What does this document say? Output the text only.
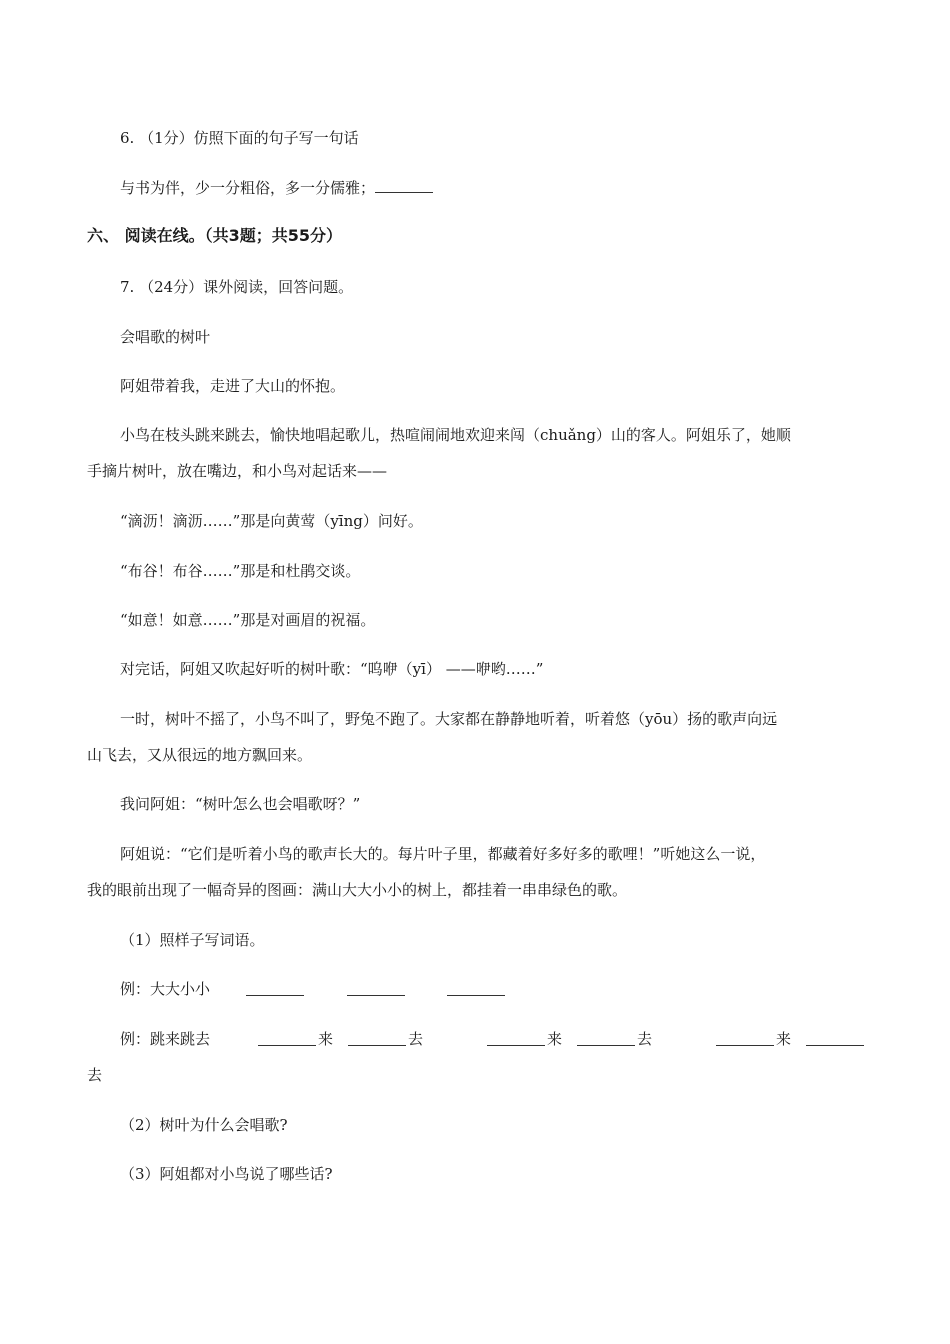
6. （1分）仿照下面的句子写一句话
与书为伴，少一分粗俗，多一分儒雅；
六、 阅读在线。（共3题；共55分）
7. （24分）课外阅读，回答问题。
会唱歌的树叶
阿姐带着我，走进了大山的怀抱。
小鸟在枝头跳来跳去，愉快地唱起歌儿，热喧闹闹地欢迎来闯（chuǎng）山的客人。阿姐乐了，她顺
手摘片树叶，放在嘴边，和小鸟对起话来——
“滴沥！滴沥……”那是向黄莺（yīng）问好。
“布谷！布谷……”那是和杜鹃交谈。
“如意！如意……”那是对画眉的祝福。
对完话，阿姐又吹起好听的树叶歌：“呜咿（yī） ——咿哟……”
一时，树叶不摇了，小鸟不叫了，野兔不跑了。大家都在静静地听着，听着悠（yōu）扬的歌声向远
山飞去，又从很远的地方飘回来。
我问阿姐：“树叶怎么也会唱歌呀？”
阿姐说：“它们是听着小鸟的歌声长大的。每片叶子里，都藏着好多好多的歌哩！”听她这么一说，
我的眼前出现了一幅奇异的图画：满山大大小小的树上，都挂着一串串绿色的歌。
（1）照样子写词语。
例：大大小小
例：跳来跳去	来	去	来	去	来
去
（2）树叶为什么会唱歌?
（3）阿姐都对小鸟说了哪些话?
